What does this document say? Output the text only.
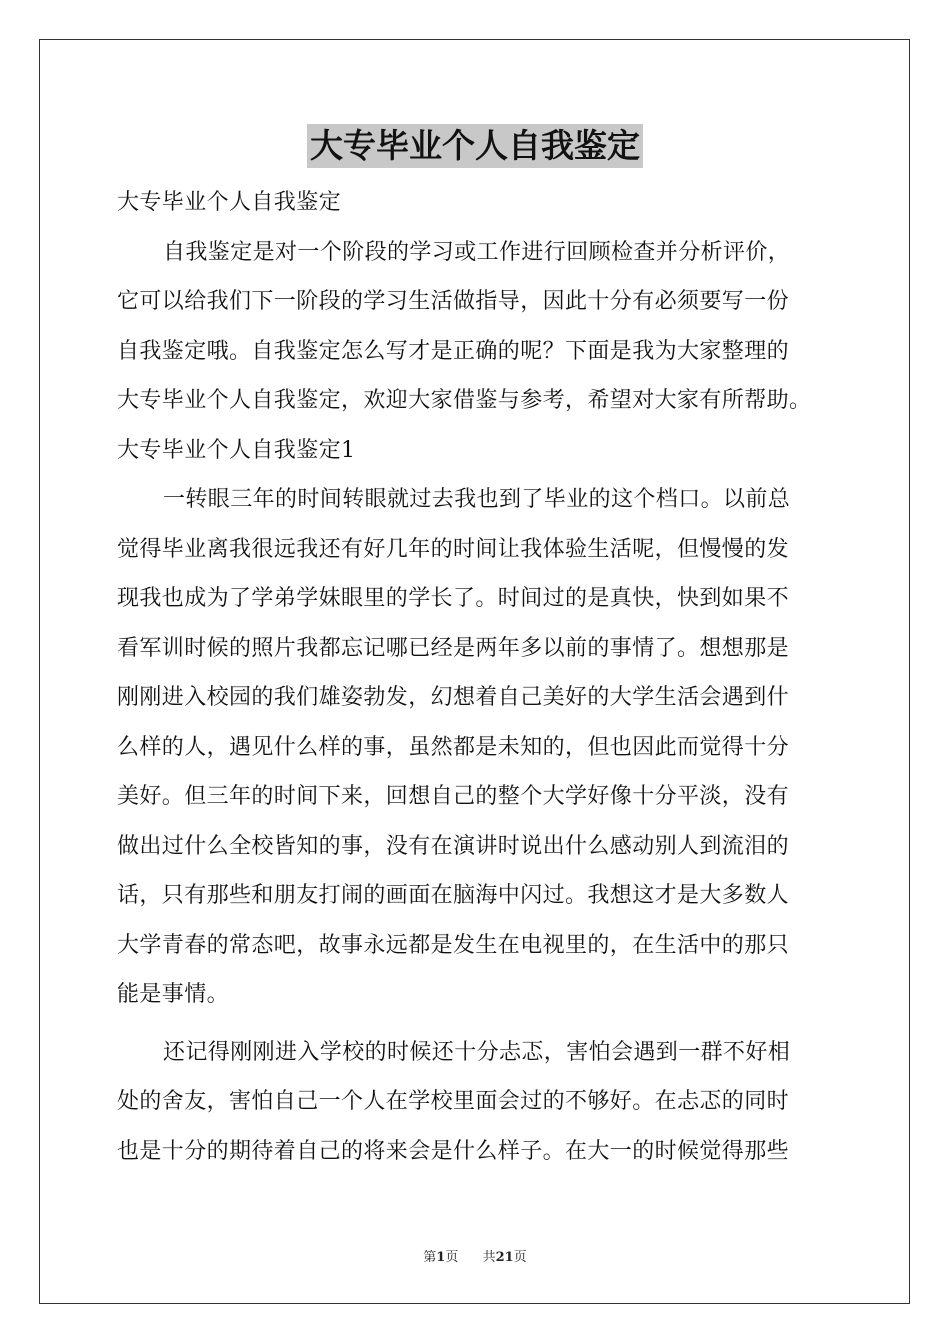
大专毕业个人自我鉴定
大专毕业个人自我鉴定
自我鉴定是对一个阶段的学习或工作进行回顾检查并分析评价，
它可以给我们下一阶段的学习生活做指导，因此十分有必须要写一份
自我鉴定哦。自我鉴定怎么写才是正确的呢？下面是我为大家整理的
大专毕业个人自我鉴定，欢迎大家借鉴与参考，希望对大家有所帮助。
大专毕业个人自我鉴定1
一转眼三年的时间转眼就过去我也到了毕业的这个档口。以前总
觉得毕业离我很远我还有好几年的时间让我体验生活呢，但慢慢的发
现我也成为了学弟学妹眼里的学长了。时间过的是真快，快到如果不
看军训时候的照片我都忘记哪已经是两年多以前的事情了。想想那是
刚刚进入校园的我们雄姿勃发，幻想着自己美好的大学生活会遇到什
么样的人，遇见什么样的事，虽然都是未知的，但也因此而觉得十分
美好。但三年的时间下来，回想自己的整个大学好像十分平淡，没有
做出过什么全校皆知的事，没有在演讲时说出什么感动别人到流泪的
话，只有那些和朋友打闹的画面在脑海中闪过。我想这才是大多数人
大学青春的常态吧，故事永远都是发生在电视里的，在生活中的那只
能是事情。
还记得刚刚进入学校的时候还十分忐忑，害怕会遇到一群不好相
处的舍友，害怕自己一个人在学校里面会过的不够好。在忐忑的同时
也是十分的期待着自己的将来会是什么样子。在大一的时候觉得那些
第1页 共21页
